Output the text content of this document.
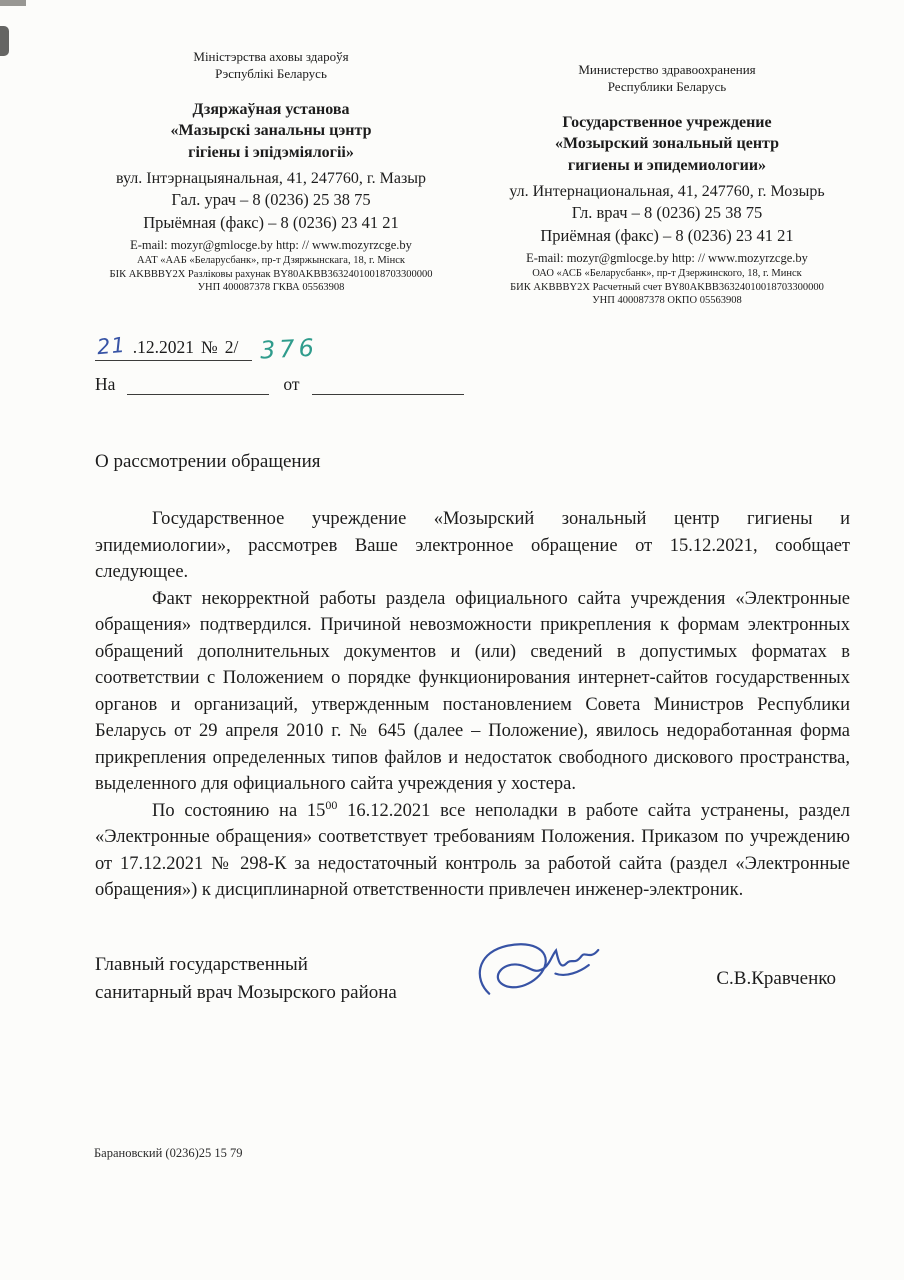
Міністэрства аховы здароўя
Рэспублікі Беларусь
Дзяржаўная установа
«Мазырскі занальны цэнтр
гігіены і эпідэміялогіі»
вул. Інтэрнацыянальная, 41, 247760, г. Мазыр
Гал. урач – 8 (0236) 25 38 75
Прыёмная (факс) – 8 (0236) 23 41 21
E-mail: mozyr@gmlocge.by http: // www.mozyrzcge.by
ААТ «ААБ «Беларусбанк», пр-т Дзяржынскага, 18, г. Мінск
БІК AKBBBY2X Разліковы рахунак BY80AKBB36324010018703300000
УНП 400087378 ГКВА 05563908
Министерство здравоохранения
Республики Беларусь
Государственное учреждение
«Мозырский зональный центр
гигиены и эпидемиологии»
ул. Интернациональная, 41, 247760, г. Мозырь
Гл. врач – 8 (0236) 25 38 75
Приёмная (факс) – 8 (0236) 23 41 21
E-mail: mozyr@gmlocge.by http: // www.mozyrzcge.by
ОАО «АСБ «Беларусбанк», пр-т Дзержинского, 18, г. Минск
БИК AKBBBY2X Расчетный счет BY80AKBB36324010018703300000
УНП 400087378 ОКПО 05563908
21 .12.2021 № 2/ 376
На	от
О рассмотрении обращения

Государственное учреждение «Мозырский зональный центр гигиены и эпидемиологии», рассмотрев Ваше электронное обращение от 15.12.2021, сообщает следующее.

Факт некорректной работы раздела официального сайта учреждения «Электронные обращения» подтвердился. Причиной невозможности прикрепления к формам электронных обращений дополнительных документов и (или) сведений в допустимых форматах в соответствии с Положением о порядке функционирования интернет-сайтов государственных органов и организаций, утвержденным постановлением Совета Министров Республики Беларусь от 29 апреля 2010 г. № 645 (далее – Положение), явилось недоработанная форма прикрепления определенных типов файлов и недостаток свободного дискового пространства, выделенного для официального сайта учреждения у хостера.

По состоянию на $15^{00}$ 16.12.2021 все неполадки в работе сайта устранены, раздел «Электронные обращения» соответствует требованиям Положения. Приказом по учреждению от 17.12.2021 № 298-К за недостаточный контроль за работой сайта (раздел «Электронные обращения») к дисциплинарной ответственности привлечен инженер-электроник.

Главный государственный
санитарный врач Мозырского района
С.В.Кравченко
Барановский (0236)25 15 79
